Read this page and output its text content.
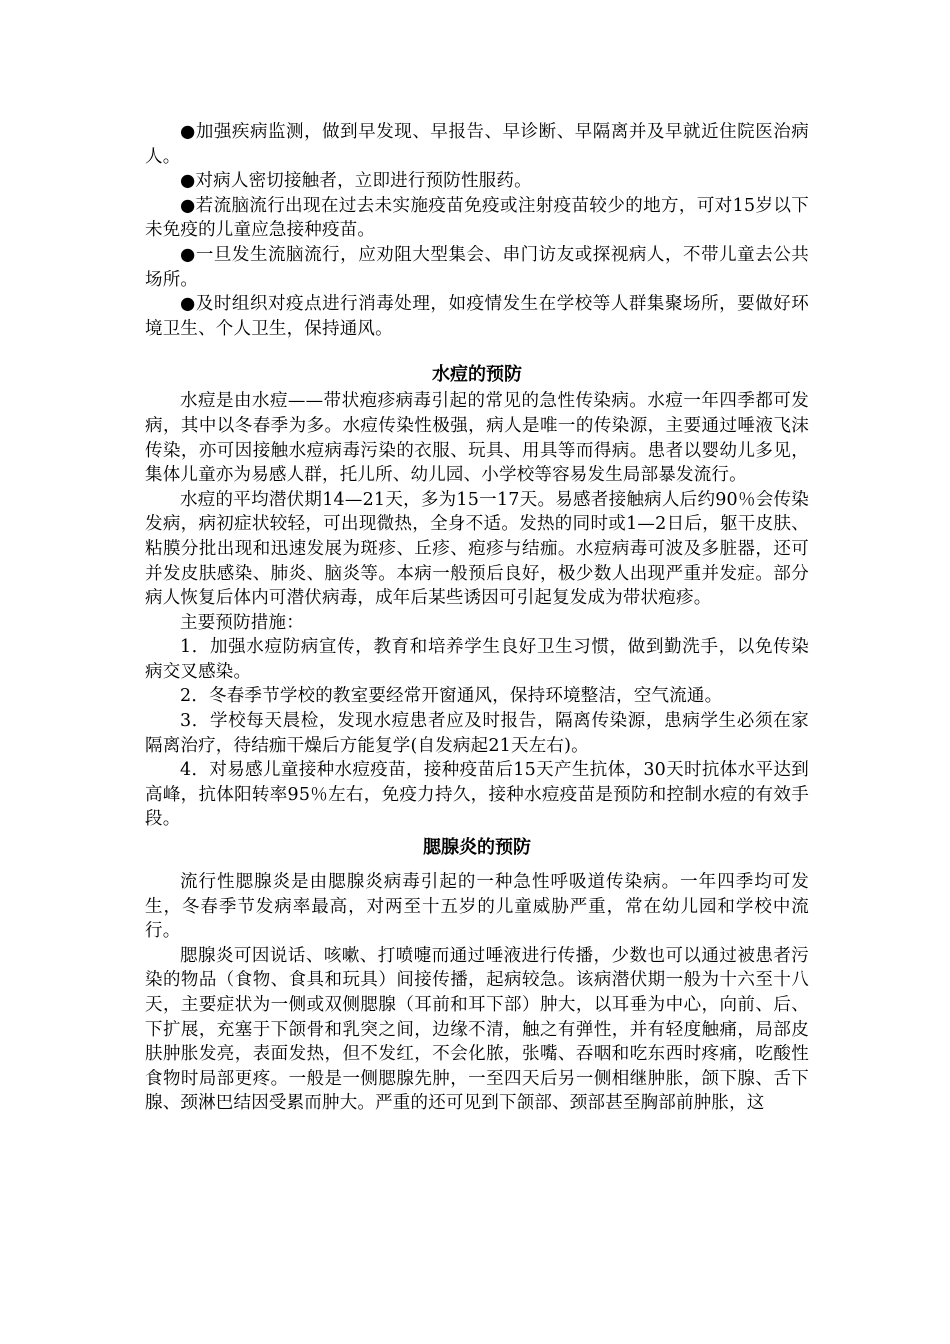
●加强疾病监测，做到早发现、早报告、早诊断、早隔离并及早就近住院医治病人。

●对病人密切接触者，立即进行预防性服药。

●若流脑流行出现在过去未实施疫苗免疫或注射疫苗较少的地方，可对15岁以下未免疫的儿童应急接种疫苗。

●一旦发生流脑流行，应劝阻大型集会、串门访友或探视病人，不带儿童去公共场所。

●及时组织对疫点进行消毒处理，如疫情发生在学校等人群集聚场所，要做好环境卫生、个人卫生，保持通风。

水痘的预防

水痘是由水痘——带状疱疹病毒引起的常见的急性传染病。水痘一年四季都可发病，其中以冬春季为多。水痘传染性极强，病人是唯一的传染源，主要通过唾液飞沫传染，亦可因接触水痘病毒污染的衣服、玩具、用具等而得病。患者以婴幼儿多见，集体儿童亦为易感人群，托儿所、幼儿园、小学校等容易发生局部暴发流行。

水痘的平均潜伏期14—21天，多为15一17天。易感者接触病人后约90％会传染发病，病初症状较轻，可出现微热，全身不适。发热的同时或1—2日后，躯干皮肤、粘膜分批出现和迅速发展为斑疹、丘疹、疱疹与结痂。水痘病毒可波及多脏器，还可并发皮肤感染、肺炎、脑炎等。本病一般预后良好，极少数人出现严重并发症。部分病人恢复后体内可潜伏病毒，成年后某些诱因可引起复发成为带状疱疹。

主要预防措施：

1．加强水痘防病宣传，教育和培养学生良好卫生习惯，做到勤洗手，以免传染病交叉感染。

2．冬春季节学校的教室要经常开窗通风，保持环境整洁，空气流通。

3．学校每天晨检，发现水痘患者应及时报告，隔离传染源，患病学生必须在家隔离治疗，待结痂干燥后方能复学(自发病起21天左右)。

4．对易感儿童接种水痘疫苗，接种疫苗后15天产生抗体，30天时抗体水平达到高峰，抗体阳转率95％左右，免疫力持久，接种水痘疫苗是预防和控制水痘的有效手段。

腮腺炎的预防

流行性腮腺炎是由腮腺炎病毒引起的一种急性呼吸道传染病。一年四季均可发生，冬春季节发病率最高，对两至十五岁的儿童威胁严重，常在幼儿园和学校中流行。

腮腺炎可因说话、咳嗽、打喷嚏而通过唾液进行传播，少数也可以通过被患者污染的物品（食物、食具和玩具）间接传播，起病较急。该病潜伏期一般为十六至十八天，主要症状为一侧或双侧腮腺（耳前和耳下部）肿大，以耳垂为中心，向前、后、下扩展，充塞于下颌骨和乳突之间，边缘不清，触之有弹性，并有轻度触痛，局部皮肤肿胀发亮，表面发热，但不发红，不会化脓，张嘴、吞咽和吃东西时疼痛，吃酸性食物时局部更疼。一般是一侧腮腺先肿，一至四天后另一侧相继肿胀，颌下腺、舌下腺、颈淋巴结因受累而肿大。严重的还可见到下颌部、颈部甚至胸部前肿胀，这
